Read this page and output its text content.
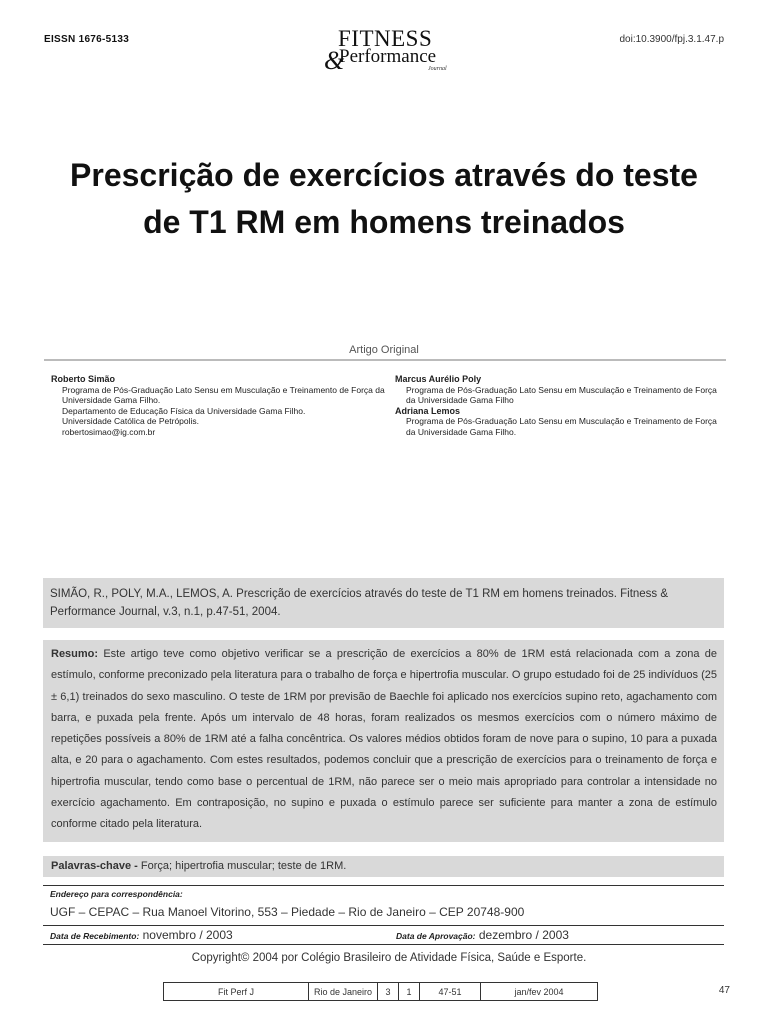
EISSN 1676-5133	FITNESS
&
Performance
Journal
doi:10.3900/fpj.3.1.47.p
Prescrição de exercícios através do teste
de T1 RM em homens treinados
Artigo Original
Roberto Simão
Programa de Pós-Graduação Lato Sensu em Musculação e Treinamento de Força da Universidade Gama Filho.
Departamento de Educação Física da Universidade Gama Filho.
Universidade Católica de Petrópolis.
robertosimao@ig.com.br
Marcus Aurélio Poly
Programa de Pós-Graduação Lato Sensu em Musculação e Treinamento de Força da Universidade Gama Filho
Adriana Lemos
Programa de Pós-Graduação Lato Sensu em Musculação e Treinamento de Força da Universidade Gama Filho.
SIMÃO, R., POLY, M.A., LEMOS, A. Prescrição de exercícios através do teste de T1 RM em homens treinados. Fitness & Performance Journal, v.3, n.1, p.47-51, 2004.
Resumo: Este artigo teve como objetivo verificar se a prescrição de exercícios a 80% de 1RM está relacionada com a zona de estímulo, conforme preconizado pela literatura para o trabalho de força e hipertrofia muscular. O grupo estudado foi de 25 indivíduos (25 ± 6,1) treinados do sexo masculino. O teste de 1RM por previsão de Baechle foi aplicado nos exercícios supino reto, agachamento com barra, e puxada pela frente. Após um intervalo de 48 horas, foram realizados os mesmos exercícios com o número máximo de repetições possíveis a 80% de 1RM até a falha concêntrica. Os valores médios obtidos foram de nove para o supino, 10 para a puxada alta, e 20 para o agachamento. Com estes resultados, podemos concluir que a prescrição de exercícios para o treinamento de força e hipertrofia muscular, tendo como base o percentual de 1RM, não parece ser o meio mais apropriado para controlar a intensidade no exercício agachamento. Em contraposição, no supino e puxada o estímulo parece ser suficiente para manter a zona de estímulo conforme citado pela literatura.
Palavras-chave - Força; hipertrofia muscular; teste de 1RM.
Endereço para correspondência:
UGF – CEPAC – Rua Manoel Vitorino, 553 – Piedade – Rio de Janeiro – CEP 20748-900
Data de Recebimento: novembro / 2003	Data de Aprovação: dezembro / 2003
Copyright© 2004 por Colégio Brasileiro de Atividade Física, Saúde e Esporte.
Fit Perf J	Rio de Janeiro	3	1	47-51	jan/fev 2004	47
